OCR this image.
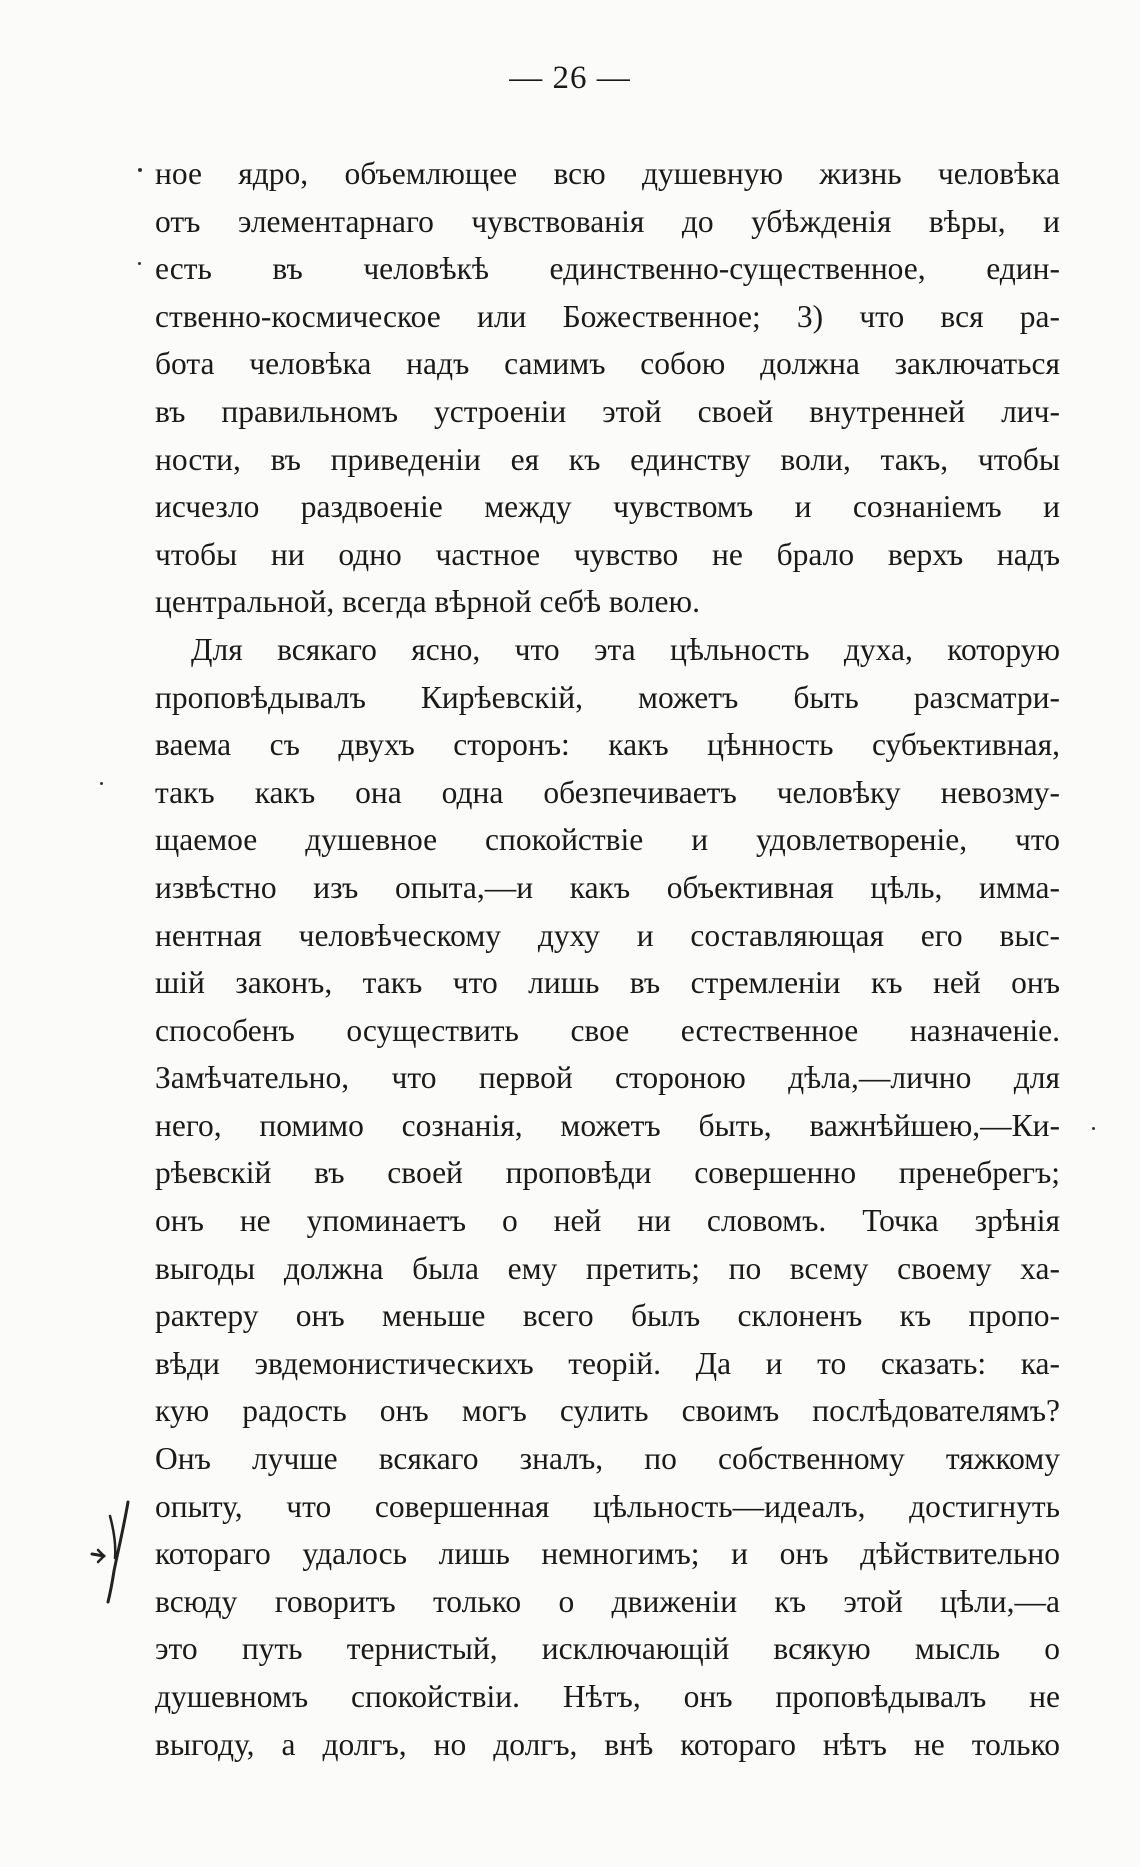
— 26 —
ное ядро, объемлющее всю душевную жизнь человѣка
отъ элементарнаго чувствованія до убѣжденія вѣры, и
есть въ человѣкѣ единственно-существенное, един-
ственно-космическое или Божественное; 3) что вся ра-
бота человѣка надъ самимъ собою должна заключаться
въ правильномъ устроеніи этой своей внутренней лич-
ности, въ приведеніи ея къ единству воли, такъ, чтобы
исчезло раздвоеніе между чувствомъ и сознаніемъ и
чтобы ни одно частное чувство не брало верхъ надъ
центральной, всегда вѣрной себѣ волею.
Для всякаго ясно, что эта цѣльность духа, которую
проповѣдывалъ Кирѣевскій, можетъ быть разсматри-
ваема съ двухъ сторонъ: какъ цѣнность субъективная,
такъ какъ она одна обезпечиваетъ человѣку невозму-
щаемое душевное спокойствіе и удовлетвореніе, что
извѣстно изъ опыта,—и какъ объективная цѣль, имма-
нентная человѣческому духу и составляющая его выс-
шій законъ, такъ что лишь въ стремленіи къ ней онъ
способенъ осуществить свое естественное назначеніе.
Замѣчательно, что первой стороною дѣла,—лично для
него, помимо сознанія, можетъ быть, важнѣйшею,—Ки-
рѣевскій въ своей проповѣди совершенно пренебрегъ;
онъ не упоминаетъ о ней ни словомъ. Точка зрѣнія
выгоды должна была ему претить; по всему своему ха-
рактеру онъ меньше всего былъ склоненъ къ пропо-
вѣди эвдемонистическихъ теорій. Да и то сказать: ка-
кую радость онъ могъ сулить своимъ послѣдователямъ?
Онъ лучше всякаго зналъ, по собственному тяжкому
опыту, что совершенная цѣльность—идеалъ, достигнуть
котораго удалось лишь немногимъ; и онъ дѣйствительно
всюду говоритъ только о движеніи къ этой цѣли,—а
это путь тернистый, исключающій всякую мысль о
душевномъ спокойствіи. Нѣтъ, онъ проповѣдывалъ не
выгоду, а долгъ, но долгъ, внѣ котораго нѣтъ не только
